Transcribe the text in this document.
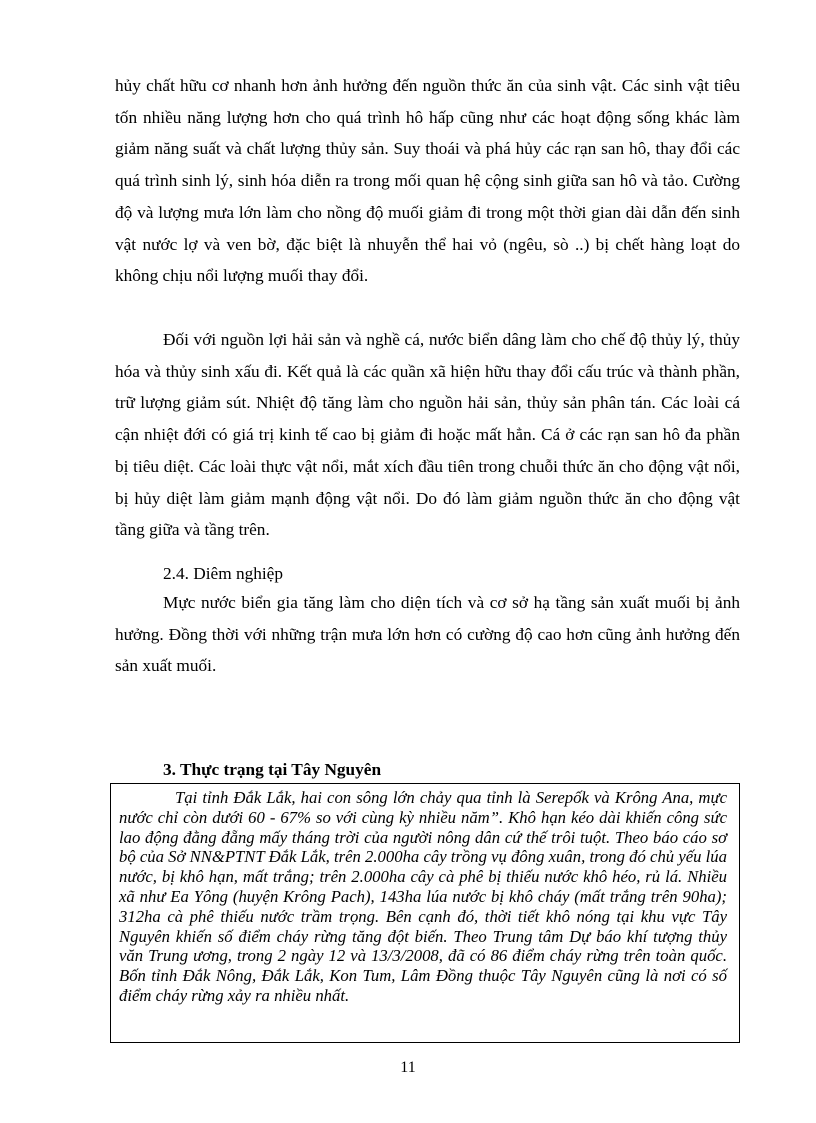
hủy chất hữu cơ nhanh hơn ảnh hưởng đến nguồn thức ăn của sinh vật. Các sinh vật tiêu tốn nhiều năng lượng hơn cho quá trình hô hấp cũng như các hoạt động sống khác làm giảm năng suất và chất lượng thủy sản. Suy thoái và phá hủy các rạn san hô, thay đổi các quá trình sinh lý, sinh hóa diễn ra trong mối quan hệ cộng sinh giữa san hô và tảo. Cường độ và lượng mưa lớn làm cho nồng độ muối giảm đi trong một thời gian dài dẫn đến sinh vật nước lợ và ven bờ, đặc biệt là nhuyễn thể hai vỏ (ngêu, sò ..) bị chết hàng loạt do không chịu nổi lượng muối thay đổi.

Đối với nguồn lợi hải sản và nghề cá, nước biển dâng làm cho chế độ thủy lý, thủy hóa và thủy sinh xấu đi. Kết quả là các quần xã hiện hữu thay đổi cấu trúc và thành phần, trữ lượng giảm sút. Nhiệt độ tăng làm cho nguồn hải sản, thủy sản phân tán. Các loài cá cận nhiệt đới có giá trị kinh tế cao bị giảm đi hoặc mất hẳn. Cá ở các rạn san hô đa phần bị tiêu diệt. Các loài thực vật nổi, mắt xích đầu tiên trong chuỗi thức ăn cho động vật nổi, bị hủy diệt làm giảm mạnh động vật nổi. Do đó làm giảm nguồn thức ăn cho động vật tầng giữa và tầng trên.

2.4. Diêm nghiệp

Mực nước biển gia tăng làm cho diện tích và cơ sở hạ tầng sản xuất muối bị ảnh hưởng. Đồng thời với những trận mưa lớn hơn có cường độ cao hơn cũng ảnh hưởng đến sản xuất muối.

3. Thực trạng tại Tây Nguyên

Tại tỉnh Đắk Lắk, hai con sông lớn chảy qua tỉnh là Serepốk và Krông Ana, mực nước chỉ còn dưới 60 - 67% so với cùng kỳ nhiều năm”. Khô hạn kéo dài khiến công sức lao động đằng đẵng mấy tháng trời của người nông dân cứ thế trôi tuột. Theo báo cáo sơ bộ của Sở NN&PTNT Đắk Lắk, trên 2.000ha cây trồng vụ đông xuân, trong đó chủ yếu lúa nước, bị khô hạn, mất trắng; trên 2.000ha cây cà phê bị thiếu nước khô héo, rủ lá. Nhiều xã như Ea Yông (huyện Krông Pach), 143ha lúa nước bị khô cháy (mất trắng trên 90ha); 312ha cà phê thiếu nước trầm trọng. Bên cạnh đó, thời tiết khô nóng tại khu vực Tây Nguyên khiến số điểm cháy rừng tăng đột biến. Theo Trung tâm Dự báo khí tượng thủy văn Trung ương, trong 2 ngày 12 và 13/3/2008, đã có 86 điểm cháy rừng trên toàn quốc. Bốn tỉnh Đắk Nông, Đắk Lắk, Kon Tum, Lâm Đồng thuộc Tây Nguyên cũng là nơi có số điểm cháy rừng xảy ra nhiều nhất.

11
